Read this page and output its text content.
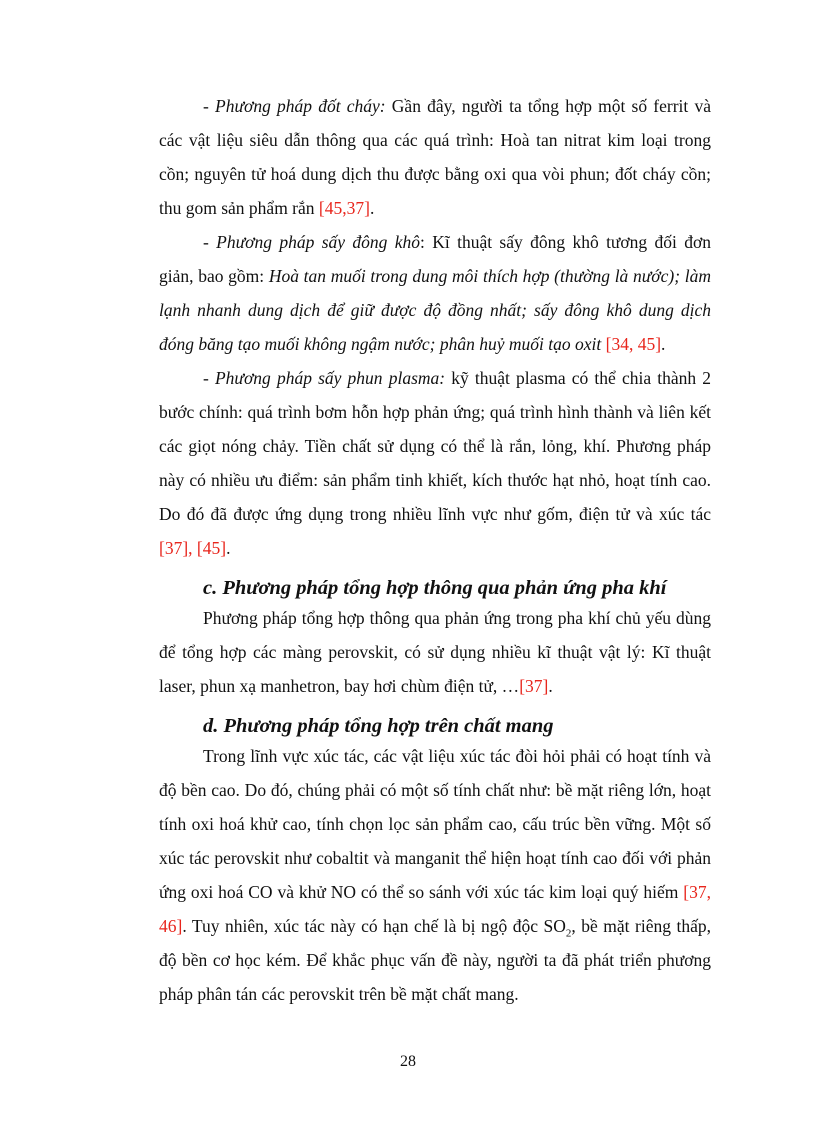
- Phương pháp đốt cháy: Gần đây, người ta tổng hợp một số ferrit và các vật liệu siêu dẫn thông qua các quá trình: Hoà tan nitrat kim loại trong cồn; nguyên tử hoá dung dịch thu được bằng oxi qua vòi phun; đốt cháy cồn; thu gom sản phẩm rắn [45,37].

- Phương pháp sấy đông khô: Kĩ thuật sấy đông khô tương đối đơn giản, bao gồm: Hoà tan muối trong dung môi thích hợp (thường là nước); làm lạnh nhanh dung dịch để giữ được độ đồng nhất; sấy đông khô dung dịch đóng băng tạo muối không ngậm nước; phân huỷ muối tạo oxit [34, 45].

- Phương pháp sấy phun plasma: kỹ thuật plasma có thể chia thành 2 bước chính: quá trình bơm hỗn hợp phản ứng; quá trình hình thành và liên kết các giọt nóng chảy. Tiền chất sử dụng có thể là rắn, lỏng, khí. Phương pháp này có nhiều ưu điểm: sản phẩm tinh khiết, kích thước hạt nhỏ, hoạt tính cao. Do đó đã được ứng dụng trong nhiều lĩnh vực như gốm, điện tử và xúc tác [37], [45].

c. Phương pháp tổng hợp thông qua phản ứng pha khí

Phương pháp tổng hợp thông qua phản ứng trong pha khí chủ yếu dùng để tổng hợp các màng perovskit, có sử dụng nhiều kĩ thuật vật lý: Kĩ thuật laser, phun xạ manhetron, bay hơi chùm điện tử, …[37].

d. Phương pháp tổng hợp trên chất mang

Trong lĩnh vực xúc tác, các vật liệu xúc tác đòi hỏi phải có hoạt tính và độ bền cao. Do đó, chúng phải có một số tính chất như: bề mặt riêng lớn, hoạt tính oxi hoá khử cao, tính chọn lọc sản phẩm cao, cấu trúc bền vững. Một số xúc tác perovskit như cobaltit và manganit thể hiện hoạt tính cao đối với phản ứng oxi hoá CO và khử NO có thể so sánh với xúc tác kim loại quý hiếm [37, 46]. Tuy nhiên, xúc tác này có hạn chế là bị ngộ độc $SO_2$, bề mặt riêng thấp, độ bền cơ học kém. Để khắc phục vấn đề này, người ta đã phát triển phương pháp phân tán các perovskit trên bề mặt chất mang.

28
